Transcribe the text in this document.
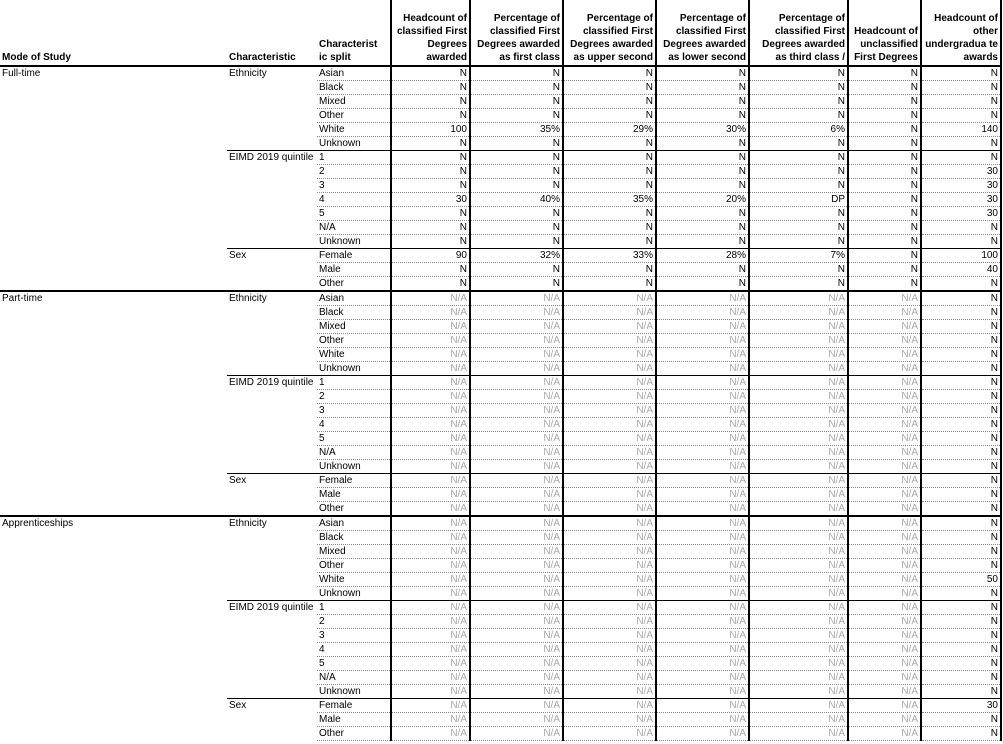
Mode of Study	Characteristic	Characterist ic split	Headcount of classified First Degrees awarded	Percentage of classified First Degrees awarded as first class	Percentage of classified First Degrees awarded as upper second	Percentage of classified First Degrees awarded as lower second	Percentage of classified First Degrees awarded as third class /	Headcount of unclassified First Degrees	Headcount of other undergradua te awards
Full-time	Ethnicity	Asian	N	N	N	N	N	N	N
		Black	N	N	N	N	N	N	N
		Mixed	N	N	N	N	N	N	N
		Other	N	N	N	N	N	N	N
		White	100	35%	29%	30%	6%	N	140
		Unknown	N	N	N	N	N	N	N
	EIMD 2019 quintile	1	N	N	N	N	N	N	N
		2	N	N	N	N	N	N	30
		3	N	N	N	N	N	N	30
		4	30	40%	35%	20%	DP	N	30
		5	N	N	N	N	N	N	30
		N/A	N	N	N	N	N	N	N
		Unknown	N	N	N	N	N	N	N
	Sex	Female	90	32%	33%	28%	7%	N	100
		Male	N	N	N	N	N	N	40
		Other	N	N	N	N	N	N	N
Part-time	Ethnicity	Asian	N/A	N/A	N/A	N/A	N/A	N/A	N
		Black	N/A	N/A	N/A	N/A	N/A	N/A	N
		Mixed	N/A	N/A	N/A	N/A	N/A	N/A	N
		Other	N/A	N/A	N/A	N/A	N/A	N/A	N
		White	N/A	N/A	N/A	N/A	N/A	N/A	N
		Unknown	N/A	N/A	N/A	N/A	N/A	N/A	N
	EIMD 2019 quintile	1	N/A	N/A	N/A	N/A	N/A	N/A	N
		2	N/A	N/A	N/A	N/A	N/A	N/A	N
		3	N/A	N/A	N/A	N/A	N/A	N/A	N
		4	N/A	N/A	N/A	N/A	N/A	N/A	N
		5	N/A	N/A	N/A	N/A	N/A	N/A	N
		N/A	N/A	N/A	N/A	N/A	N/A	N/A	N
		Unknown	N/A	N/A	N/A	N/A	N/A	N/A	N
	Sex	Female	N/A	N/A	N/A	N/A	N/A	N/A	N
		Male	N/A	N/A	N/A	N/A	N/A	N/A	N
		Other	N/A	N/A	N/A	N/A	N/A	N/A	N
Apprenticeships	Ethnicity	Asian	N/A	N/A	N/A	N/A	N/A	N/A	N
		Black	N/A	N/A	N/A	N/A	N/A	N/A	N
		Mixed	N/A	N/A	N/A	N/A	N/A	N/A	N
		Other	N/A	N/A	N/A	N/A	N/A	N/A	N
		White	N/A	N/A	N/A	N/A	N/A	N/A	50
		Unknown	N/A	N/A	N/A	N/A	N/A	N/A	N
	EIMD 2019 quintile	1	N/A	N/A	N/A	N/A	N/A	N/A	N
		2	N/A	N/A	N/A	N/A	N/A	N/A	N
		3	N/A	N/A	N/A	N/A	N/A	N/A	N
		4	N/A	N/A	N/A	N/A	N/A	N/A	N
		5	N/A	N/A	N/A	N/A	N/A	N/A	N
		N/A	N/A	N/A	N/A	N/A	N/A	N/A	N
		Unknown	N/A	N/A	N/A	N/A	N/A	N/A	N
	Sex	Female	N/A	N/A	N/A	N/A	N/A	N/A	30
		Male	N/A	N/A	N/A	N/A	N/A	N/A	N
		Other	N/A	N/A	N/A	N/A	N/A	N/A	N
